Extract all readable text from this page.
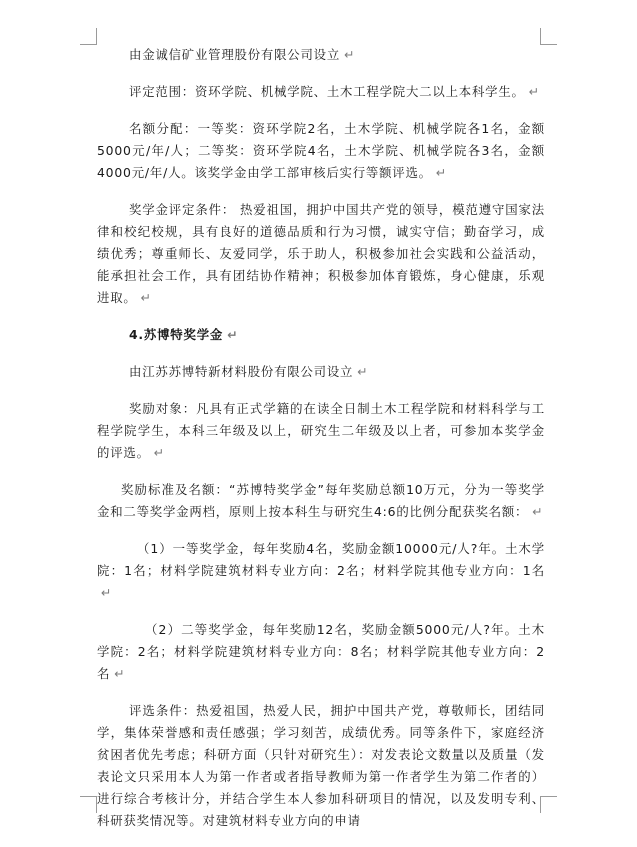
由金诚信矿业管理股份有限公司设立 ↵

评定范围：资环学院、机械学院、土木工程学院大二以上本科学生。 ↵

名额分配：一等奖：资环学院2名，土木学院、机械学院各1名，金额5000元/年/人；二等奖：资环学院4名，土木学院、机械学院各3名，金额4000元/年/人。该奖学金由学工部审核后实行等额评选。 ↵

奖学金评定条件： 热爱祖国，拥护中国共产党的领导，模范遵守国家法律和校纪校规，具有良好的道德品质和行为习惯，诚实守信；勤奋学习，成绩优秀；尊重师长、友爱同学，乐于助人，积极参加社会实践和公益活动，能承担社会工作，具有团结协作精神；积极参加体育锻炼，身心健康，乐观进取。 ↵

4.苏博特奖学金 ↵

由江苏苏博特新材料股份有限公司设立 ↵

奖励对象：凡具有正式学籍的在读全日制土木工程学院和材料科学与工程学院学生，本科三年级及以上，研究生二年级及以上者，可参加本奖学金的评选。 ↵

奖励标准及名额：“苏博特奖学金”每年奖励总额10万元，分为一等奖学金和二等奖学金两档，原则上按本科生与研究生4:6的比例分配获奖名额： ↵

（1）一等奖学金，每年奖励4名，奖励金额10000元/人?年。土木学院：1名；材料学院建筑材料专业方向：2名；材料学院其他专业方向：1名↵

（2）二等奖学金，每年奖励12名，奖励金额5000元/人?年。土木学院：2名；材料学院建筑材料专业方向：8名；材料学院其他专业方向：2名 ↵

评选条件：热爱祖国，热爱人民，拥护中国共产党，尊敬师长，团结同学，集体荣誉感和责任感强；学习刻苦，成绩优秀。同等条件下，家庭经济贫困者优先考虑；科研方面（只针对研究生）：对发表论文数量以及质量（发表论文只采用本人为第一作者或者指导教师为第一作者学生为第二作者的）进行综合考核计分，并结合学生本人参加科研项目的情况，以及发明专利、科研获奖情况等。对建筑材料专业方向的申请
